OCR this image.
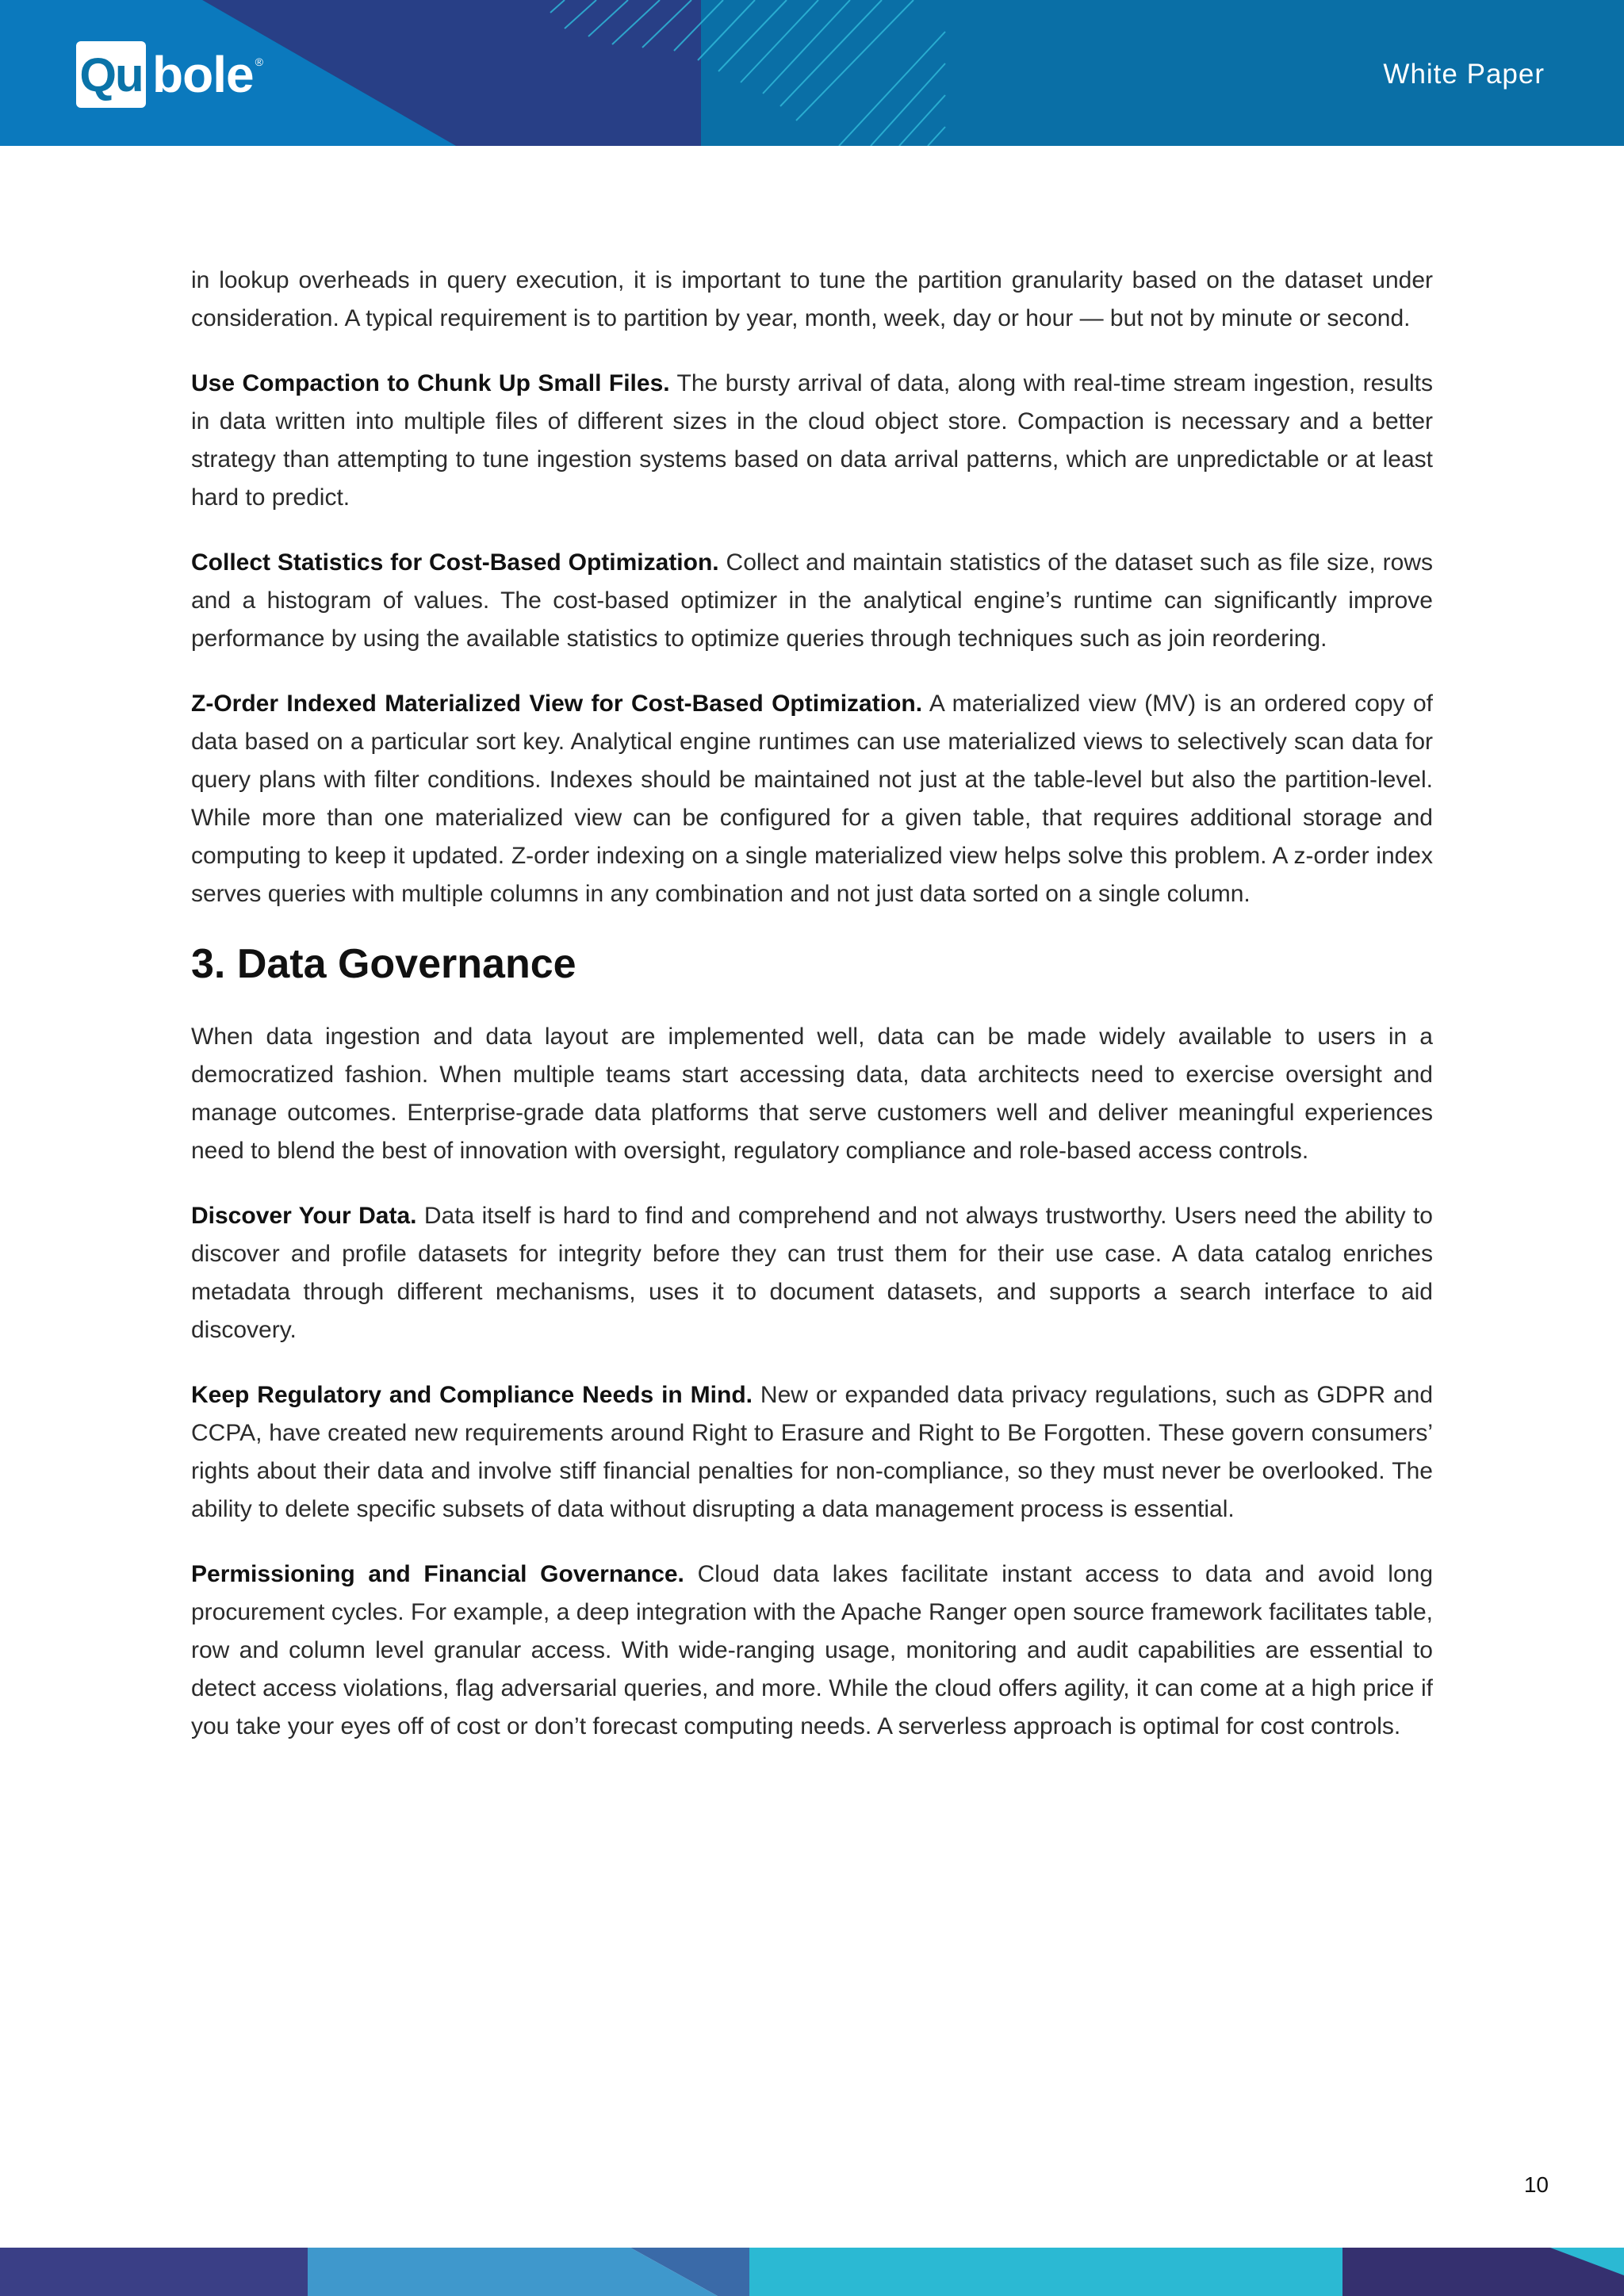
Qu bole ®	White Paper

in lookup overheads in query execution, it is important to tune the partition granularity based on the dataset under consideration. A typical requirement is to partition by year, month, week, day or hour — but not by minute or second.

Use Compaction to Chunk Up Small Files. The bursty arrival of data, along with real-time stream ingestion, results in data written into multiple files of different sizes in the cloud object store. Compaction is necessary and a better strategy than attempting to tune ingestion systems based on data arrival patterns, which are unpredictable or at least hard to predict.

Collect Statistics for Cost-Based Optimization. Collect and maintain statistics of the dataset such as file size, rows and a histogram of values. The cost-based optimizer in the analytical engine’s runtime can significantly improve performance by using the available statistics to optimize queries through techniques such as join reordering.

Z-Order Indexed Materialized View for Cost-Based Optimization. A materialized view (MV) is an ordered copy of data based on a particular sort key. Analytical engine runtimes can use materialized views to selectively scan data for query plans with filter conditions. Indexes should be maintained not just at the table-level but also the partition-level. While more than one materialized view can be configured for a given table, that requires additional storage and computing to keep it updated. Z-order indexing on a single materialized view helps solve this problem. A z-order index serves queries with multiple columns in any combination and not just data sorted on a single column.

3. Data Governance

When data ingestion and data layout are implemented well, data can be made widely available to users in a democratized fashion. When multiple teams start accessing data, data architects need to exercise oversight and manage outcomes. Enterprise-grade data platforms that serve customers well and deliver meaningful experiences need to blend the best of innovation with oversight, regulatory compliance and role-based access controls.

Discover Your Data. Data itself is hard to find and comprehend and not always trustworthy. Users need the ability to discover and profile datasets for integrity before they can trust them for their use case. A data catalog enriches metadata through different mechanisms, uses it to document datasets, and supports a search interface to aid discovery.

Keep Regulatory and Compliance Needs in Mind. New or expanded data privacy regulations, such as GDPR and CCPA, have created new requirements around Right to Erasure and Right to Be Forgotten. These govern consumers’ rights about their data and involve stiff financial penalties for non-compliance, so they must never be overlooked. The ability to delete specific subsets of data without disrupting a data management process is essential.

Permissioning and Financial Governance. Cloud data lakes facilitate instant access to data and avoid long procurement cycles. For example, a deep integration with the Apache Ranger open source framework facilitates table, row and column level granular access. With wide-ranging usage, monitoring and audit capabilities are essential to detect access violations, flag adversarial queries, and more. While the cloud offers agility, it can come at a high price if you take your eyes off of cost or don’t forecast computing needs. A serverless approach is optimal for cost controls.

10
